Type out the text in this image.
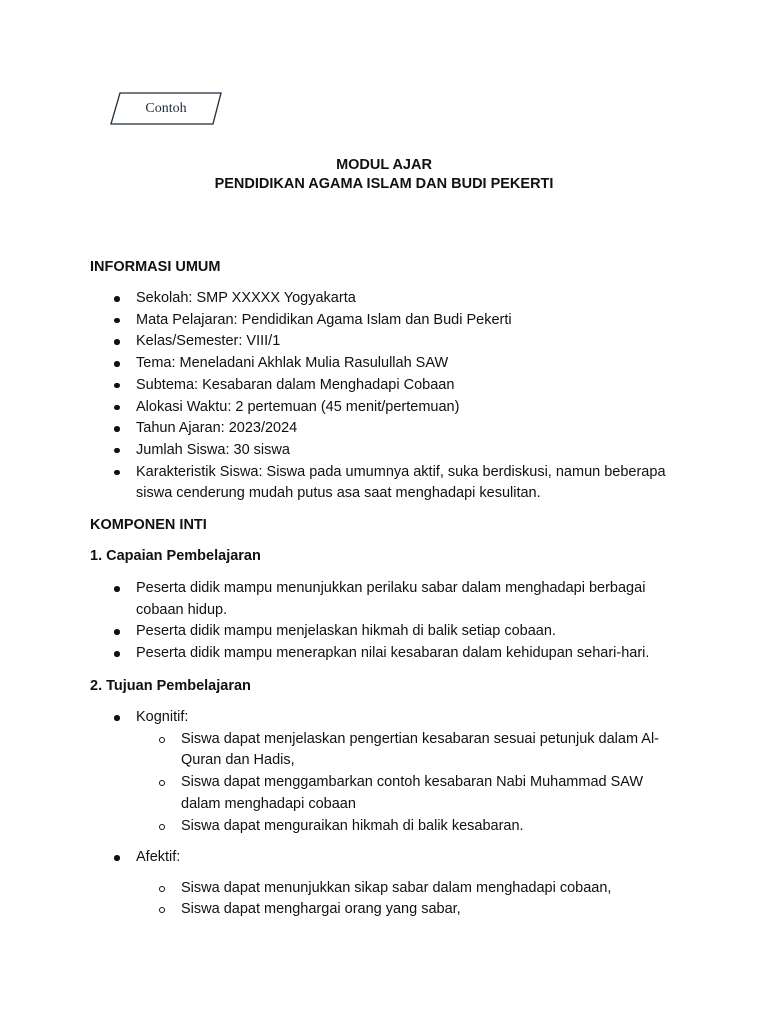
Contoh
MODUL AJAR
PENDIDIKAN AGAMA ISLAM DAN BUDI PEKERTI
INFORMASI UMUM
Sekolah: SMP XXXXX Yogyakarta
Mata Pelajaran: Pendidikan Agama Islam dan Budi Pekerti
Kelas/Semester: VIII/1
Tema: Meneladani Akhlak Mulia Rasulullah SAW
Subtema: Kesabaran dalam Menghadapi Cobaan
Alokasi Waktu: 2 pertemuan (45 menit/pertemuan)
Tahun Ajaran: 2023/2024
Jumlah Siswa: 30 siswa
Karakteristik Siswa: Siswa pada umumnya aktif, suka berdiskusi, namun beberapa siswa cenderung mudah putus asa saat menghadapi kesulitan.
KOMPONEN INTI
1. Capaian Pembelajaran
Peserta didik mampu menunjukkan perilaku sabar dalam menghadapi berbagai cobaan hidup.
Peserta didik mampu menjelaskan hikmah di balik setiap cobaan.
Peserta didik mampu menerapkan nilai kesabaran dalam kehidupan sehari-hari.
2. Tujuan Pembelajaran
Kognitif:
Siswa dapat menjelaskan pengertian kesabaran sesuai petunjuk dalam Al-Quran dan Hadis,
Siswa dapat menggambarkan contoh kesabaran Nabi Muhammad SAW dalam menghadapi cobaan
Siswa dapat menguraikan hikmah di balik kesabaran.
Afektif:
Siswa dapat menunjukkan sikap sabar dalam menghadapi cobaan,
Siswa dapat menghargai orang yang sabar,
